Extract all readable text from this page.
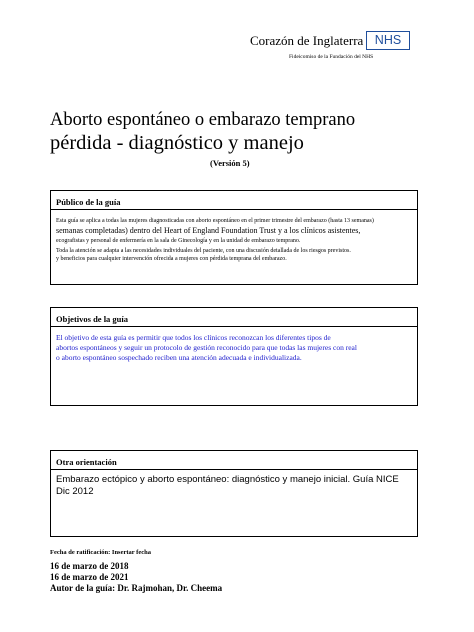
Corazón de Inglaterra NHS
Fideicomiso de la Fundación del NHS
Aborto espontáneo o embarazo temprano
pérdida - diagnóstico y manejo
(Versión 5)
Público de la guía
Esta guía se aplica a todas las mujeres diagnosticadas con aborto espontáneo en el primer trimestre del embarazo (hasta 13 semanas)
semanas completadas) dentro del Heart of England Foundation Trust y a los clínicos asistentes,
ecografistas y personal de enfermería en la sala de Ginecología y en la unidad de embarazo temprano.
Toda la atención se adapta a las necesidades individuales del paciente, con una discusión detallada de los riesgos previstos.
y beneficios para cualquier intervención ofrecida a mujeres con pérdida temprana del embarazo.
Objetivos de la guía
El objetivo de esta guía es permitir que todos los clínicos reconozcan los diferentes tipos de
abortos espontáneos y seguir un protocolo de gestión reconocido para que todas las mujeres con real
o aborto espontáneo sospechado reciben una atención adecuada e individualizada.
Otra orientación
Embarazo ectópico y aborto espontáneo: diagnóstico y manejo inicial. Guía NICE
Dic 2012
Fecha de ratificación: Insertar fecha
16 de marzo de 2018
16 de marzo de 2021
Autor de la guía: Dr. Rajmohan, Dr. Cheema
